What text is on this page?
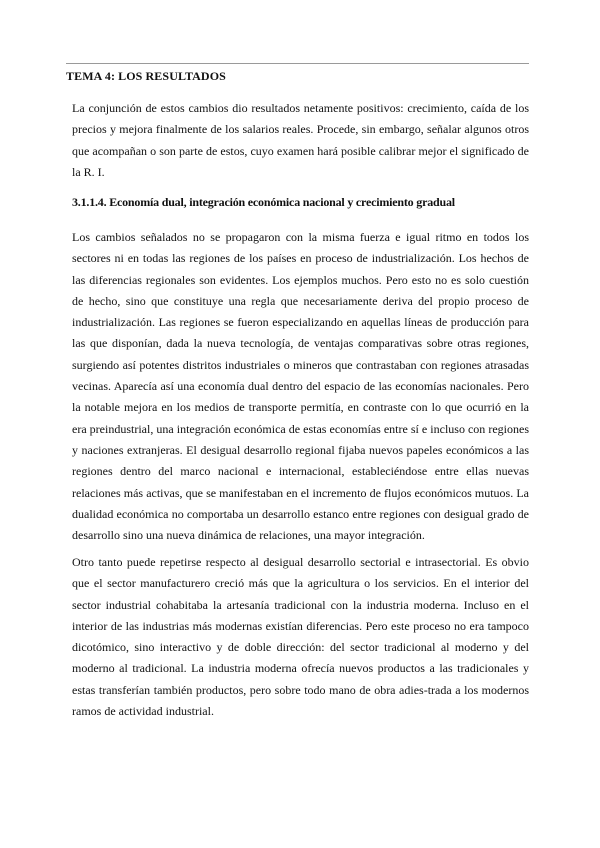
TEMA 4: LOS RESULTADOS

La conjunción de estos cambios dio resultados netamente positivos: crecimiento, caída de los precios y mejora finalmente de los salarios reales. Procede, sin embargo, señalar algunos otros que acompañan o son parte de estos, cuyo examen hará posible calibrar mejor el significado de la R. I.

3.1.1.4. Economía dual, integración económica nacional y crecimiento gradual

Los cambios señalados no se propagaron con la misma fuerza e igual ritmo en todos los sectores ni en todas las regiones de los países en proceso de industrialización. Los hechos de las diferencias regionales son evidentes. Los ejemplos muchos. Pero esto no es solo cuestión de hecho, sino que constituye una regla que necesariamente deriva del propio proceso de industrialización. Las regiones se fueron especializando en aquellas líneas de producción para las que disponían, dada la nueva tecnología, de ventajas comparativas sobre otras regiones, surgiendo así potentes distritos industriales o mineros que contrastaban con regiones atrasadas vecinas. Aparecía así una economía dual dentro del espacio de las economías nacionales. Pero la notable mejora en los medios de transporte permitía, en contraste con lo que ocurrió en la era preindustrial, una integración económica de estas economías entre sí e incluso con regiones y naciones extranjeras. El desigual desarrollo regional fijaba nuevos papeles económicos a las regiones dentro del marco nacional e internacional, estableciéndose entre ellas nuevas relaciones más activas, que se manifestaban en el incremento de flujos económicos mutuos. La dualidad económica no comportaba un desarrollo estanco entre regiones con desigual grado de desarrollo sino una nueva dinámica de relaciones, una mayor integración.

Otro tanto puede repetirse respecto al desigual desarrollo sectorial e intrasectorial. Es obvio que el sector manufacturero creció más que la agricultura o los servicios. En el interior del sector industrial cohabitaba la artesanía tradicional con la industria moderna. Incluso en el interior de las industrias más modernas existían diferencias. Pero este proceso no era tampoco dicotómico, sino interactivo y de doble dirección: del sector tradicional al moderno y del moderno al tradicional. La industria moderna ofrecía nuevos productos a las tradicionales y estas transferían también productos, pero sobre todo mano de obra adies-trada a los modernos ramos de actividad industrial.
